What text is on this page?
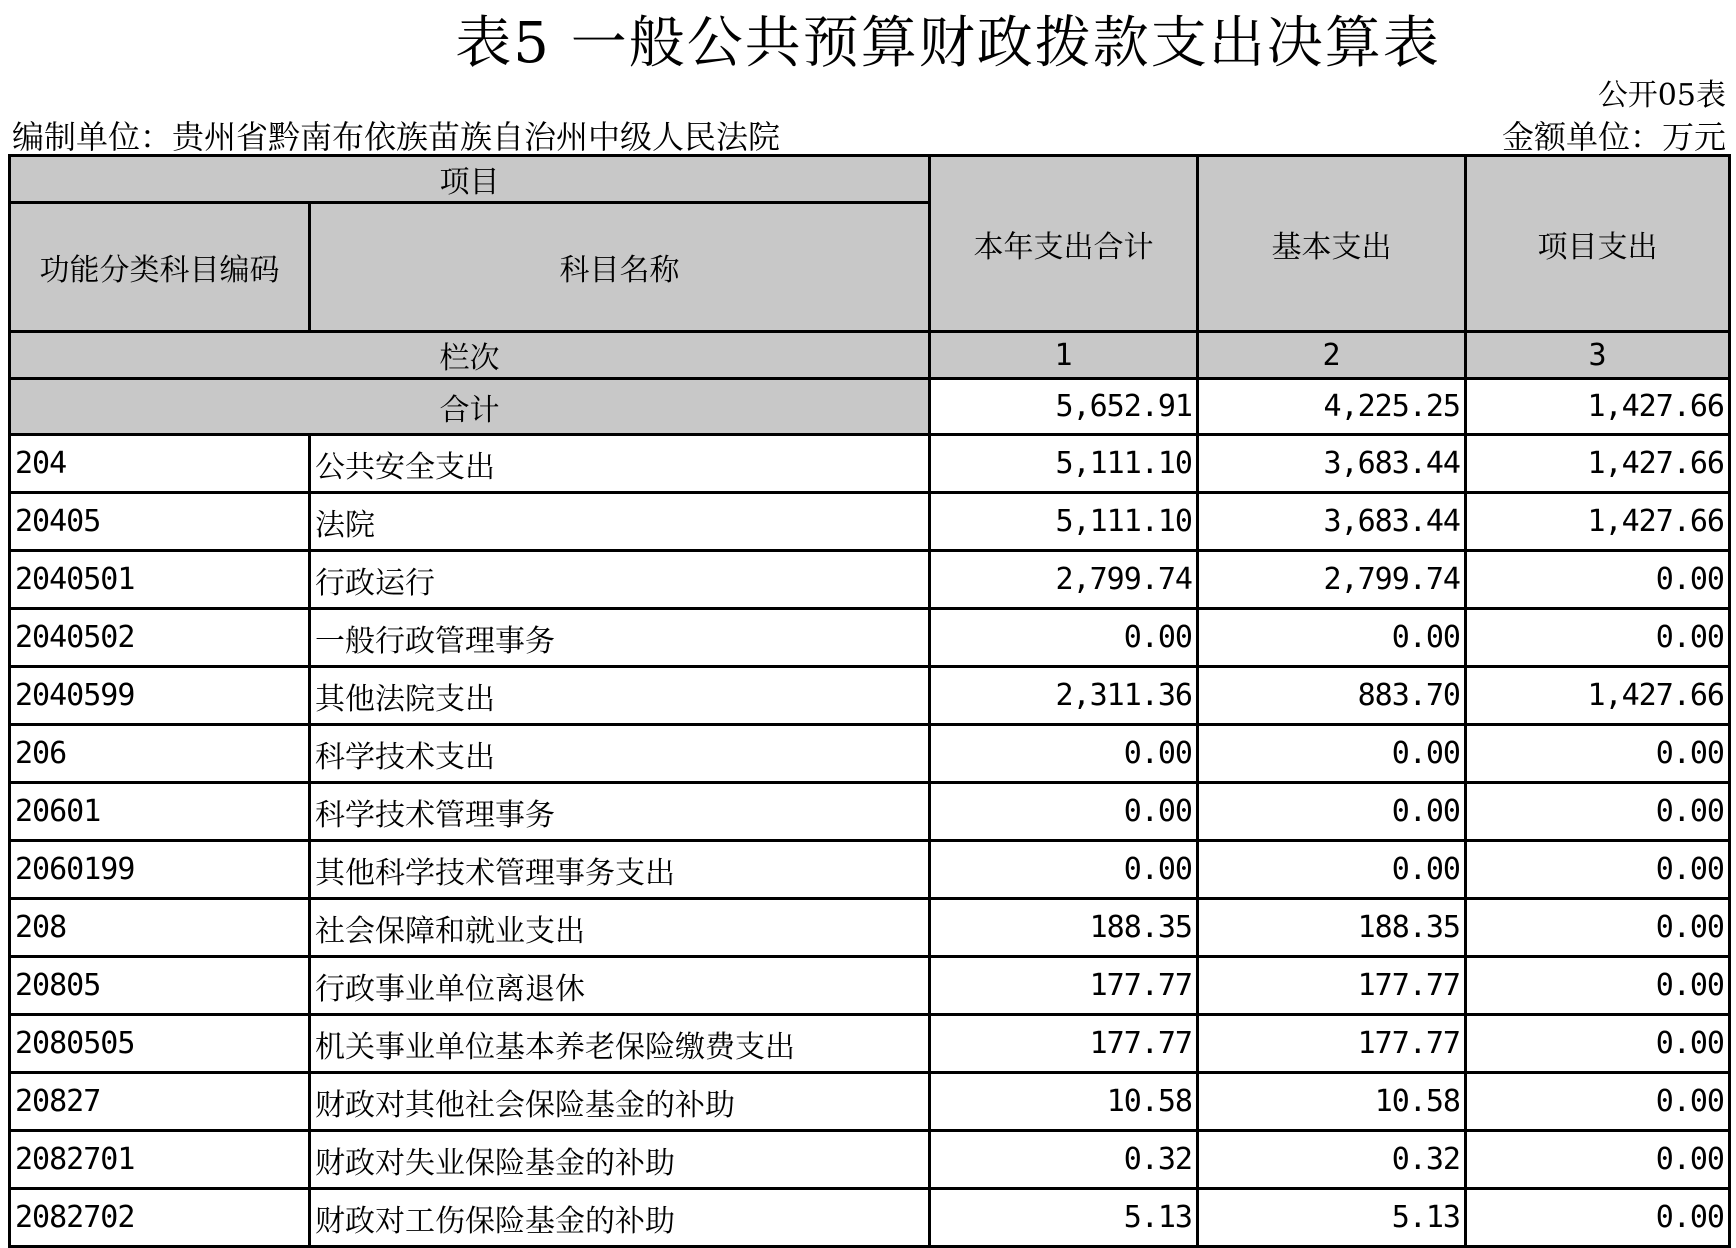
表5 一般公共预算财政拨款支出决算表
公开05表
编制单位：贵州省黔南布依族苗族自治州中级人民法院	金额单位：万元
项目		本年支出合计	基本支出	项目支出
功能分类科目编码	科目名称			
栏次		1	2	3
合计		5,652.91	4,225.25	1,427.66
204	公共安全支出	5,111.10	3,683.44	1,427.66
20405	法院	5,111.10	3,683.44	1,427.66
2040501	行政运行	2,799.74	2,799.74	0.00
2040502	一般行政管理事务	0.00	0.00	0.00
2040599	其他法院支出	2,311.36	883.70	1,427.66
206	科学技术支出	0.00	0.00	0.00
20601	科学技术管理事务	0.00	0.00	0.00
2060199	其他科学技术管理事务支出	0.00	0.00	0.00
208	社会保障和就业支出	188.35	188.35	0.00
20805	行政事业单位离退休	177.77	177.77	0.00
2080505	机关事业单位基本养老保险缴费支出	177.77	177.77	0.00
20827	财政对其他社会保险基金的补助	10.58	10.58	0.00
2082701	财政对失业保险基金的补助	0.32	0.32	0.00
2082702	财政对工伤保险基金的补助	5.13	5.13	0.00
